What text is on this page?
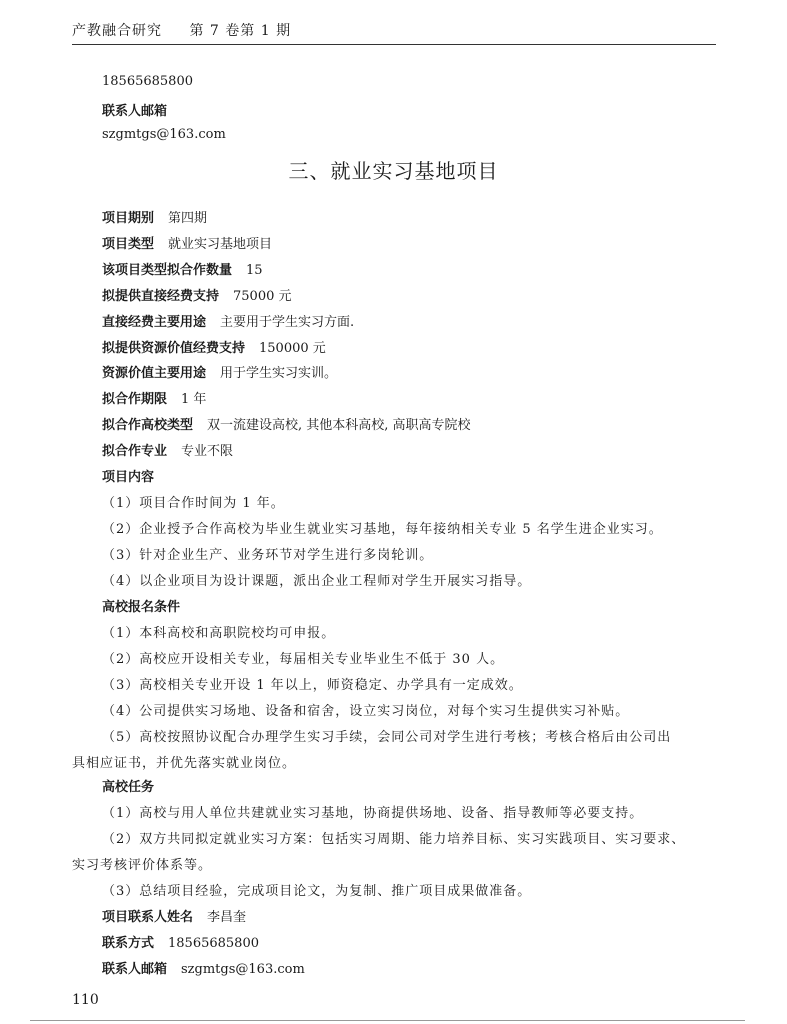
产教融合研究 第 7 卷第 1 期
18565685800
联系人邮箱
szgmtgs@163.com
三、就业实习基地项目
项目期别 第四期
项目类型 就业实习基地项目
该项目类型拟合作数量 15
拟提供直接经费支持 75000 元
直接经费主要用途 主要用于学生实习方面.
拟提供资源价值经费支持 150000 元
资源价值主要用途 用于学生实习实训。
拟合作期限 1 年
拟合作高校类型 双一流建设高校, 其他本科高校, 高职高专院校
拟合作专业 专业不限
项目内容
（1）项目合作时间为 1 年。
（2）企业授予合作高校为毕业生就业实习基地，每年接纳相关专业 5 名学生进企业实习。
（3）针对企业生产、业务环节对学生进行多岗轮训。
（4）以企业项目为设计课题，派出企业工程师对学生开展实习指导。
高校报名条件
（1）本科高校和高职院校均可申报。
（2）高校应开设相关专业，每届相关专业毕业生不低于 30 人。
（3）高校相关专业开设 1 年以上，师资稳定、办学具有一定成效。
（4）公司提供实习场地、设备和宿舍，设立实习岗位，对每个实习生提供实习补贴。
（5）高校按照协议配合办理学生实习手续，会同公司对学生进行考核；考核合格后由公司出
具相应证书，并优先落实就业岗位。
高校任务
（1）高校与用人单位共建就业实习基地，协商提供场地、设备、指导教师等必要支持。
（2）双方共同拟定就业实习方案：包括实习周期、能力培养目标、实习实践项目、实习要求、
实习考核评价体系等。
（3）总结项目经验，完成项目论文，为复制、推广项目成果做准备。
项目联系人姓名 李昌奎
联系方式 18565685800
联系人邮箱 szgmtgs@163.com
110
